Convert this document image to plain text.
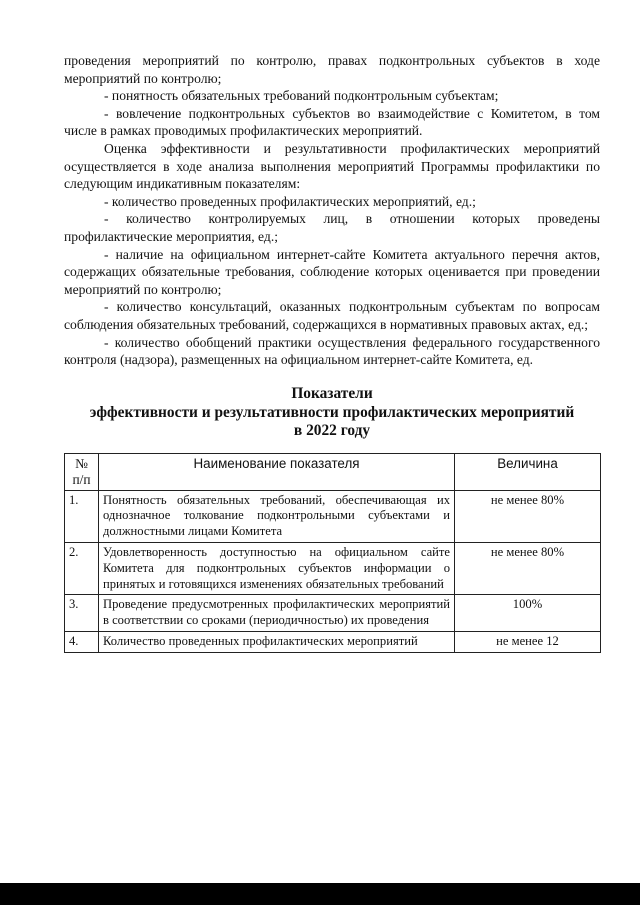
проведения мероприятий по контролю, правах подконтрольных субъектов в ходе мероприятий по контролю;

- понятность обязательных требований подконтрольным субъектам;

- вовлечение подконтрольных субъектов во взаимодействие с Комитетом, в том числе в рамках проводимых профилактических мероприятий.

Оценка эффективности и результативности профилактических мероприятий осуществляется в ходе анализа выполнения мероприятий Программы профилактики по следующим индикативным показателям:

- количество проведенных профилактических мероприятий, ед.;

- количество контролируемых лиц, в отношении которых проведены профилактические мероприятия, ед.;

- наличие на официальном интернет-сайте Комитета актуального перечня актов, содержащих обязательные требования, соблюдение которых оценивается при проведении мероприятий по контролю;

- количество консультаций, оказанных подконтрольным субъектам по вопросам соблюдения обязательных требований, содержащихся в нормативных правовых актах, ед.;

- количество обобщений практики осуществления федерального государственного контроля (надзора), размещенных на официальном интернет-сайте Комитета, ед.

Показатели
эффективности и результативности профилактических мероприятий
в 2022 году
№ п/п	Наименование показателя	Величина
1.	Понятность обязательных требований, обеспечивающая их однозначное толкование подконтрольными субъектами и должностными лицами Комитета	не менее 80%
2.	Удовлетворенность доступностью на официальном сайте Комитета для подконтрольных субъектов информации о принятых и готовящихся изменениях обязательных требований	не менее 80%
3.	Проведение предусмотренных профилактических мероприятий в соответствии со сроками (периодичностью) их проведения	100%
4.	Количество проведенных профилактических мероприятий	не менее 12
